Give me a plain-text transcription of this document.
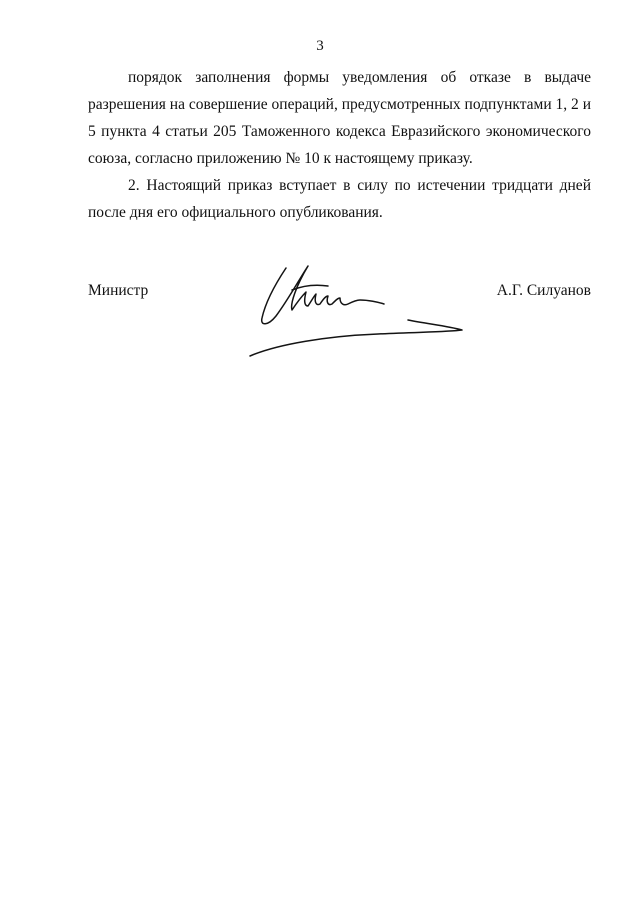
3

порядок заполнения формы уведомления об отказе в выдаче разрешения на совершение операций, предусмотренных подпунктами 1, 2 и 5 пункта 4 статьи 205 Таможенного кодекса Евразийского экономического союза, согласно приложению № 10 к настоящему приказу.

2. Настоящий приказ вступает в силу по истечении тридцати дней после дня его официального опубликования.

Министр	А.Г. Силуанов
